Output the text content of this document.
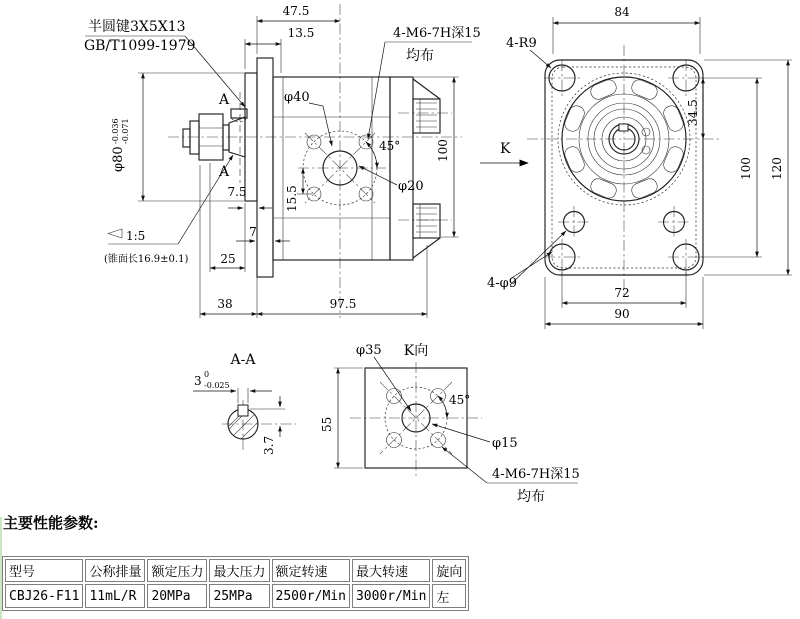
A
A
47.5
13.5
半圆键3X5X13
GB/T1099-1979
4-M6-7H深15
均布
φ40
45°
φ20
15.5
φ80
-0.036 -0.071
1:5
(锥面长16.9±0.1)
7.5
7
25
38	97.5
100	K
84
4-R9
34.5
100 120
72
90
4-φ9
A-A
3 0
-0.025
3.7
φ35 K向
45°
φ15
4-M6-7H深15
均布
55
主要性能参数:
型号	公称排量	额定压力	最大压力	额定转速	最大转速	旋向
CBJ26-F11	11mL/R	20MPa	25MPa	2500r/Min	3000r/Min	左
